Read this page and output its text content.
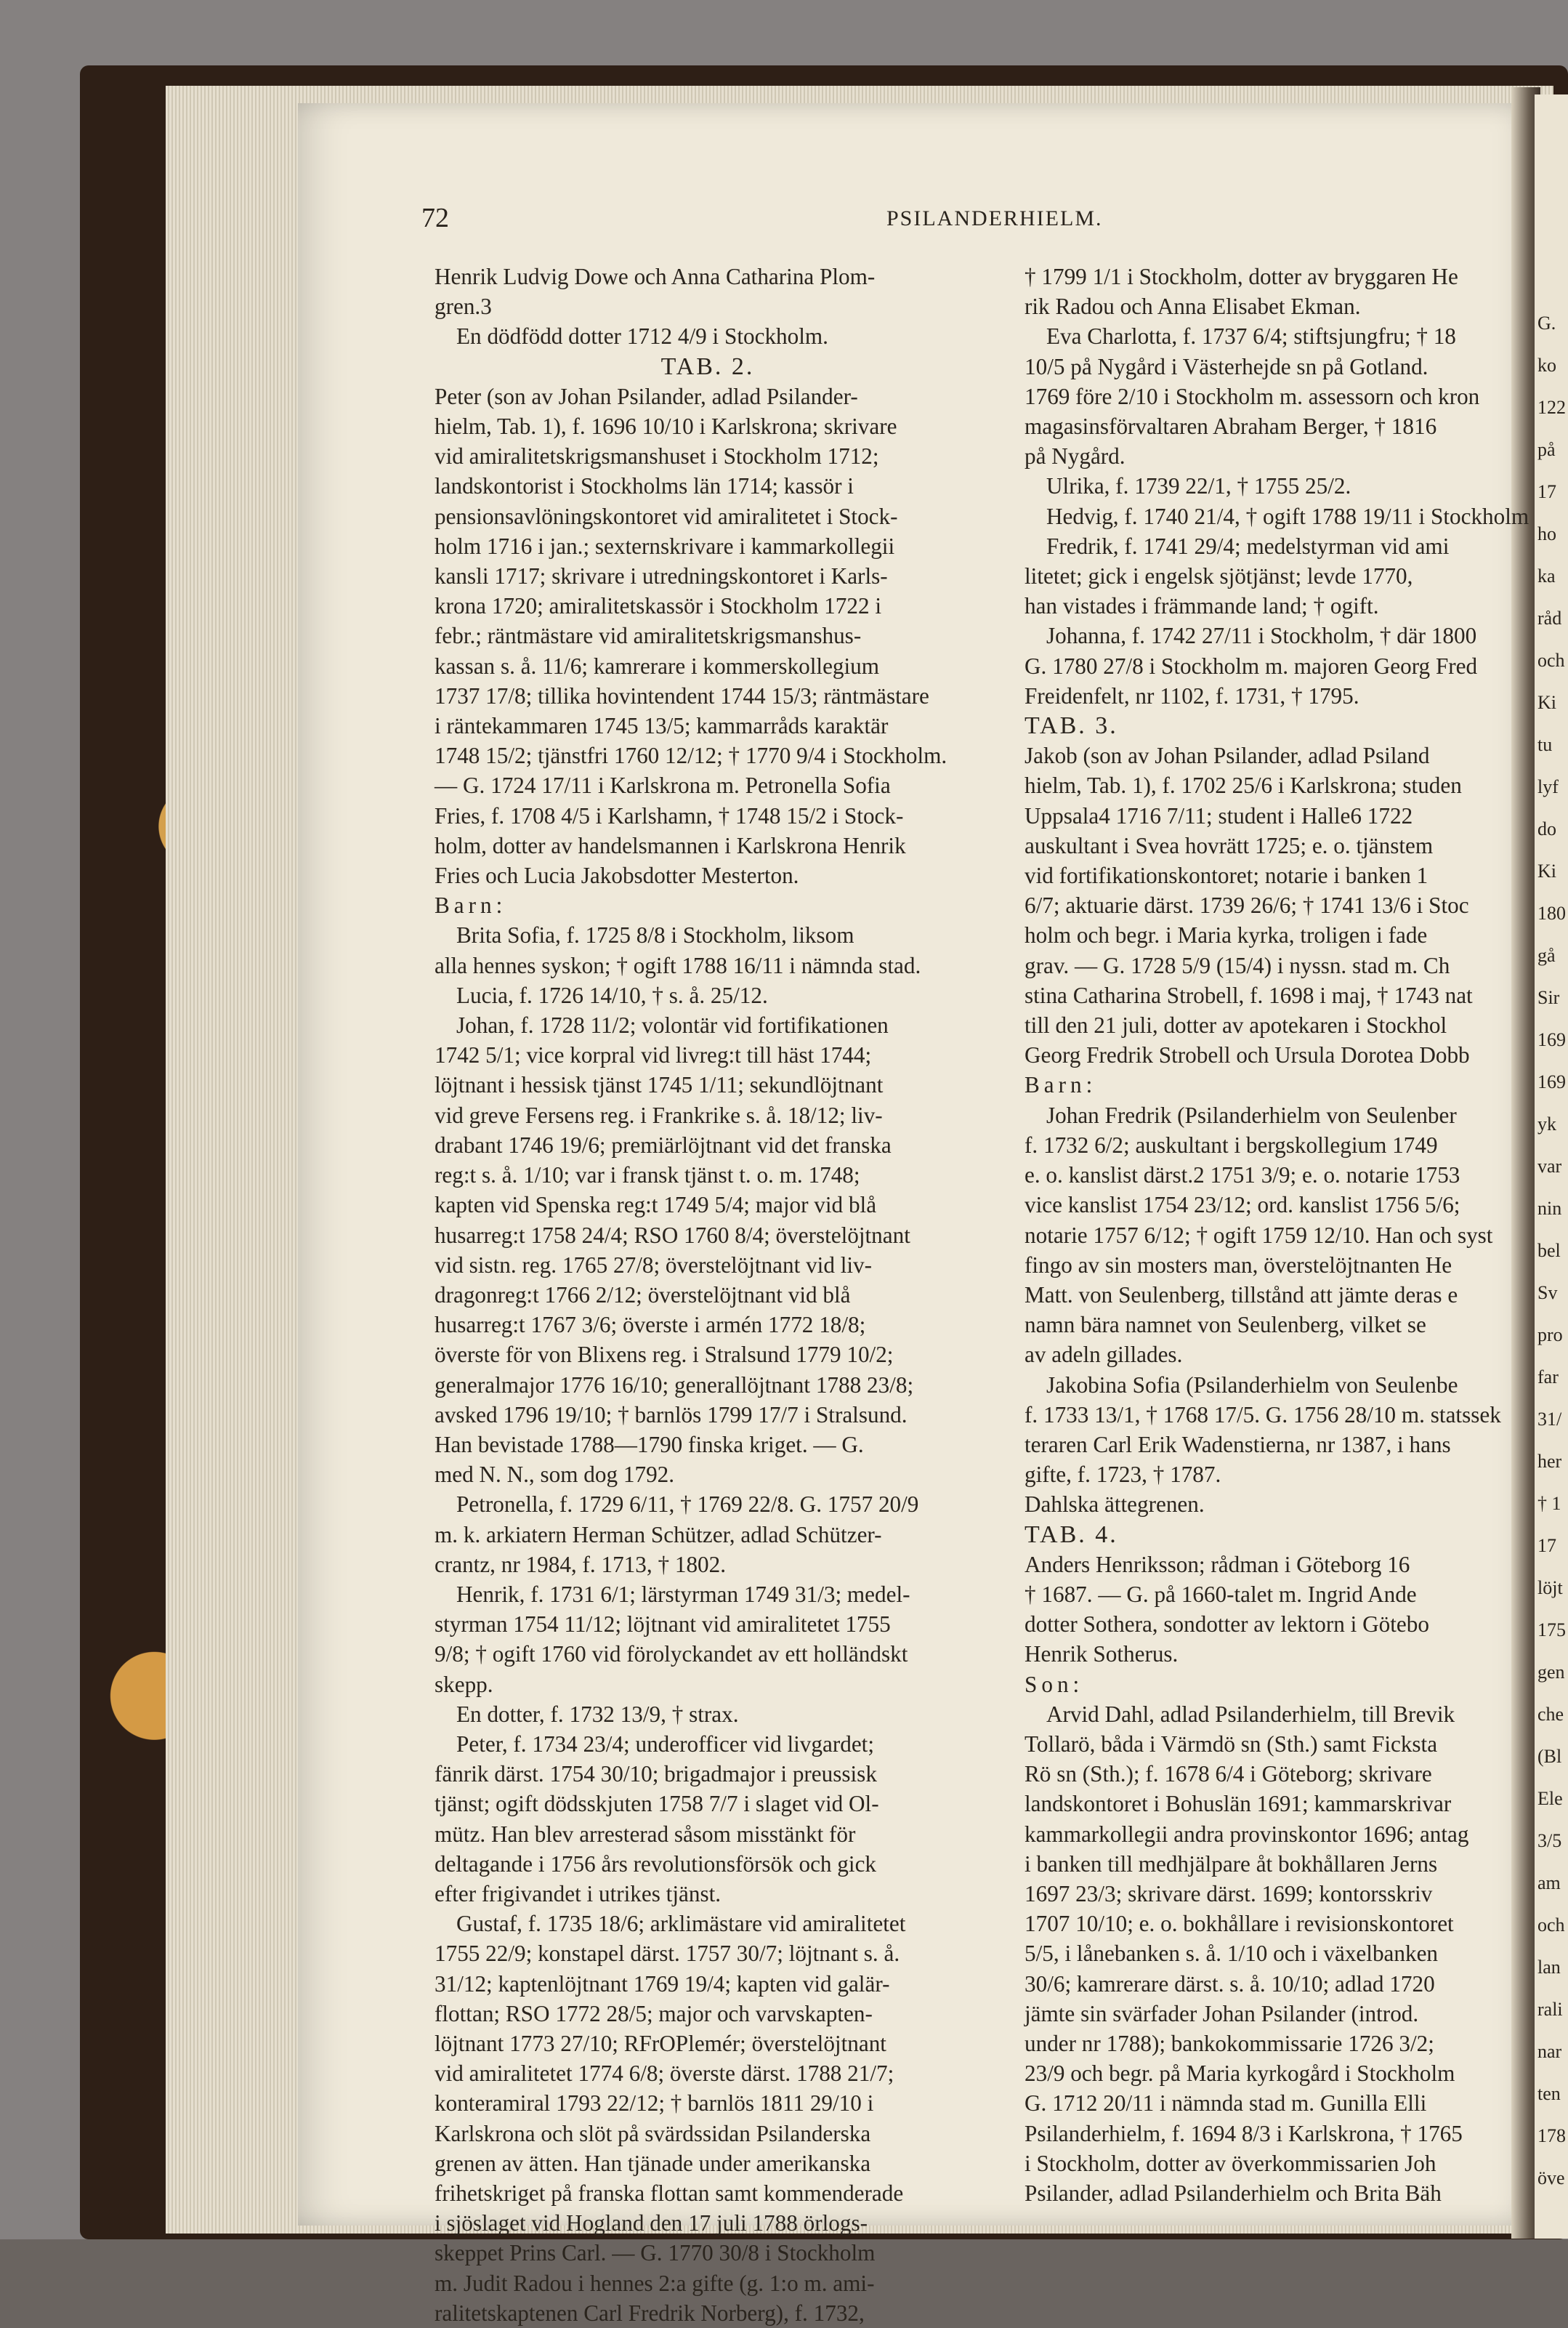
G.
ko
122
på
17
ho
ka
råd
och
Ki
tu
lyf
do
Ki
180
gå
Sir
169
169
yk
var
nin
bel
Sv
pro
far
31/
her
† 1
17
löjt
175
gen
che
(Bl
Ele
3/5
am
och
lan
rali
nar
ten
178
öve
72	PSILANDERHIELM.

Henrik Ludvig Dowe och Anna Catharina Plom-

gren.3

En dödfödd dotter 1712 4/9 i Stockholm.

TAB. 2.

Peter (son av Johan Psilander, adlad Psilander-

hielm, Tab. 1), f. 1696 10/10 i Karlskrona; skrivare

vid amiralitetskrigsmanshuset i Stockholm 1712;

landskontorist i Stockholms län 1714; kassör i

pensionsavlöningskontoret vid amiralitetet i Stock-

holm 1716 i jan.; sexternskrivare i kammarkollegii

kansli 1717; skrivare i utredningskontoret i Karls-

krona 1720; amiralitetskassör i Stockholm 1722 i

febr.; räntmästare vid amiralitetskrigsmanshus-

kassan s. å. 11/6; kamrerare i kommerskollegium

1737 17/8; tillika hovintendent 1744 15/3; räntmästare

i räntekammaren 1745 13/5; kammarråds karaktär

1748 15/2; tjänstfri 1760 12/12; † 1770 9/4 i Stockholm.

— G. 1724 17/11 i Karlskrona m. Petronella Sofia

Fries, f. 1708 4/5 i Karlshamn, † 1748 15/2 i Stock-

holm, dotter av handelsmannen i Karlskrona Henrik

Fries och Lucia Jakobsdotter Mesterton.

Barn:

Brita Sofia, f. 1725 8/8 i Stockholm, liksom

alla hennes syskon; † ogift 1788 16/11 i nämnda stad.

Lucia, f. 1726 14/10, † s. å. 25/12.

Johan, f. 1728 11/2; volontär vid fortifikationen

1742 5/1; vice korpral vid livreg:t till häst 1744;

löjtnant i hessisk tjänst 1745 1/11; sekundlöjtnant

vid greve Fersens reg. i Frankrike s. å. 18/12; liv-

drabant 1746 19/6; premiärlöjtnant vid det franska

reg:t s. å. 1/10; var i fransk tjänst t. o. m. 1748;

kapten vid Spenska reg:t 1749 5/4; major vid blå

husarreg:t 1758 24/4; RSO 1760 8/4; överstelöjtnant

vid sistn. reg. 1765 27/8; överstelöjtnant vid liv-

dragonreg:t 1766 2/12; överstelöjtnant vid blå

husarreg:t 1767 3/6; överste i armén 1772 18/8;

överste för von Blixens reg. i Stralsund 1779 10/2;

generalmajor 1776 16/10; generallöjtnant 1788 23/8;

avsked 1796 19/10; † barnlös 1799 17/7 i Stralsund.

Han bevistade 1788—1790 finska kriget. — G.

med N. N., som dog 1792.

Petronella, f. 1729 6/11, † 1769 22/8. G. 1757 20/9

m. k. arkiatern Herman Schützer, adlad Schützer-

crantz, nr 1984, f. 1713, † 1802.

Henrik, f. 1731 6/1; lärstyrman 1749 31/3; medel-

styrman 1754 11/12; löjtnant vid amiralitetet 1755

9/8; † ogift 1760 vid förolyckandet av ett holländskt

skepp.

En dotter, f. 1732 13/9, † strax.

Peter, f. 1734 23/4; underofficer vid livgardet;

fänrik därst. 1754 30/10; brigadmajor i preussisk

tjänst; ogift dödsskjuten 1758 7/7 i slaget vid Ol-

mütz. Han blev arresterad såsom misstänkt för

deltagande i 1756 års revolutionsförsök och gick

efter frigivandet i utrikes tjänst.

Gustaf, f. 1735 18/6; arklimästare vid amiralitetet

1755 22/9; konstapel därst. 1757 30/7; löjtnant s. å.

31/12; kaptenlöjtnant 1769 19/4; kapten vid galär-

flottan; RSO 1772 28/5; major och varvskapten-

löjtnant 1773 27/10; RFrOPlemér; överstelöjtnant

vid amiralitetet 1774 6/8; överste därst. 1788 21/7;

konteramiral 1793 22/12; † barnlös 1811 29/10 i

Karlskrona och slöt på svärdssidan Psilanderska

grenen av ätten. Han tjänade under amerikanska

frihetskriget på franska flottan samt kommenderade

i sjöslaget vid Hogland den 17 juli 1788 örlogs-

skeppet Prins Carl. — G. 1770 30/8 i Stockholm

m. Judit Radou i hennes 2:a gifte (g. 1:o m. ami-

ralitetskaptenen Carl Fredrik Norberg), f. 1732,

† 1799 1/1 i Stockholm, dotter av bryggaren He

rik Radou och Anna Elisabet Ekman.

Eva Charlotta, f. 1737 6/4; stiftsjungfru; † 18

10/5 på Nygård i Västerhejde sn på Gotland.

1769 före 2/10 i Stockholm m. assessorn och kron

magasinsförvaltaren Abraham Berger, † 1816

på Nygård.

Ulrika, f. 1739 22/1, † 1755 25/2.

Hedvig, f. 1740 21/4, † ogift 1788 19/11 i Stockholm

Fredrik, f. 1741 29/4; medelstyrman vid ami

litetet; gick i engelsk sjötjänst; levde 1770,

han vistades i främmande land; † ogift.

Johanna, f. 1742 27/11 i Stockholm, † där 1800

G. 1780 27/8 i Stockholm m. majoren Georg Fred

Freidenfelt, nr 1102, f. 1731, † 1795.

TAB. 3.

Jakob (son av Johan Psilander, adlad Psiland

hielm, Tab. 1), f. 1702 25/6 i Karlskrona; studen

Uppsala4 1716 7/11; student i Halle6 1722

auskultant i Svea hovrätt 1725; e. o. tjänstem

vid fortifikationskontoret; notarie i banken 1

6/7; aktuarie därst. 1739 26/6; † 1741 13/6 i Stoc

holm och begr. i Maria kyrka, troligen i fade

grav. — G. 1728 5/9 (15/4) i nyssn. stad m. Ch

stina Catharina Strobell, f. 1698 i maj, † 1743 nat

till den 21 juli, dotter av apotekaren i Stockhol

Georg Fredrik Strobell och Ursula Dorotea Dobb

Barn:

Johan Fredrik (Psilanderhielm von Seulenber

f. 1732 6/2; auskultant i bergskollegium 1749

e. o. kanslist därst.2 1751 3/9; e. o. notarie 1753

vice kanslist 1754 23/12; ord. kanslist 1756 5/6;

notarie 1757 6/12; † ogift 1759 12/10. Han och syst

fingo av sin mosters man, överstelöjtnanten He

Matt. von Seulenberg, tillstånd att jämte deras e

namn bära namnet von Seulenberg, vilket se

av adeln gillades.

Jakobina Sofia (Psilanderhielm von Seulenbe

f. 1733 13/1, † 1768 17/5. G. 1756 28/10 m. statssek

teraren Carl Erik Wadenstierna, nr 1387, i hans

gifte, f. 1723, † 1787.

Dahlska ättegrenen.

TAB. 4.

Anders Henriksson; rådman i Göteborg 16

† 1687. — G. på 1660-talet m. Ingrid Ande

dotter Sothera, sondotter av lektorn i Götebo

Henrik Sotherus.

Son:

Arvid Dahl, adlad Psilanderhielm, till Brevik

Tollarö, båda i Värmdö sn (Sth.) samt Ficksta

Rö sn (Sth.); f. 1678 6/4 i Göteborg; skrivare

landskontoret i Bohuslän 1691; kammarskrivar

kammarkollegii andra provinskontor 1696; antag

i banken till medhjälpare åt bokhållaren Jerns

1697 23/3; skrivare därst. 1699; kontorsskriv

1707 10/10; e. o. bokhållare i revisionskontoret

5/5, i lånebanken s. å. 1/10 och i växelbanken

30/6; kamrerare därst. s. å. 10/10; adlad 1720

jämte sin svärfader Johan Psilander (introd.

under nr 1788); bankokommissarie 1726 3/2;

23/9 och begr. på Maria kyrkogård i Stockholm

G. 1712 20/11 i nämnda stad m. Gunilla Elli

Psilanderhielm, f. 1694 8/3 i Karlskrona, † 1765

i Stockholm, dotter av överkommissarien Joh

Psilander, adlad Psilanderhielm och Brita Bäh
